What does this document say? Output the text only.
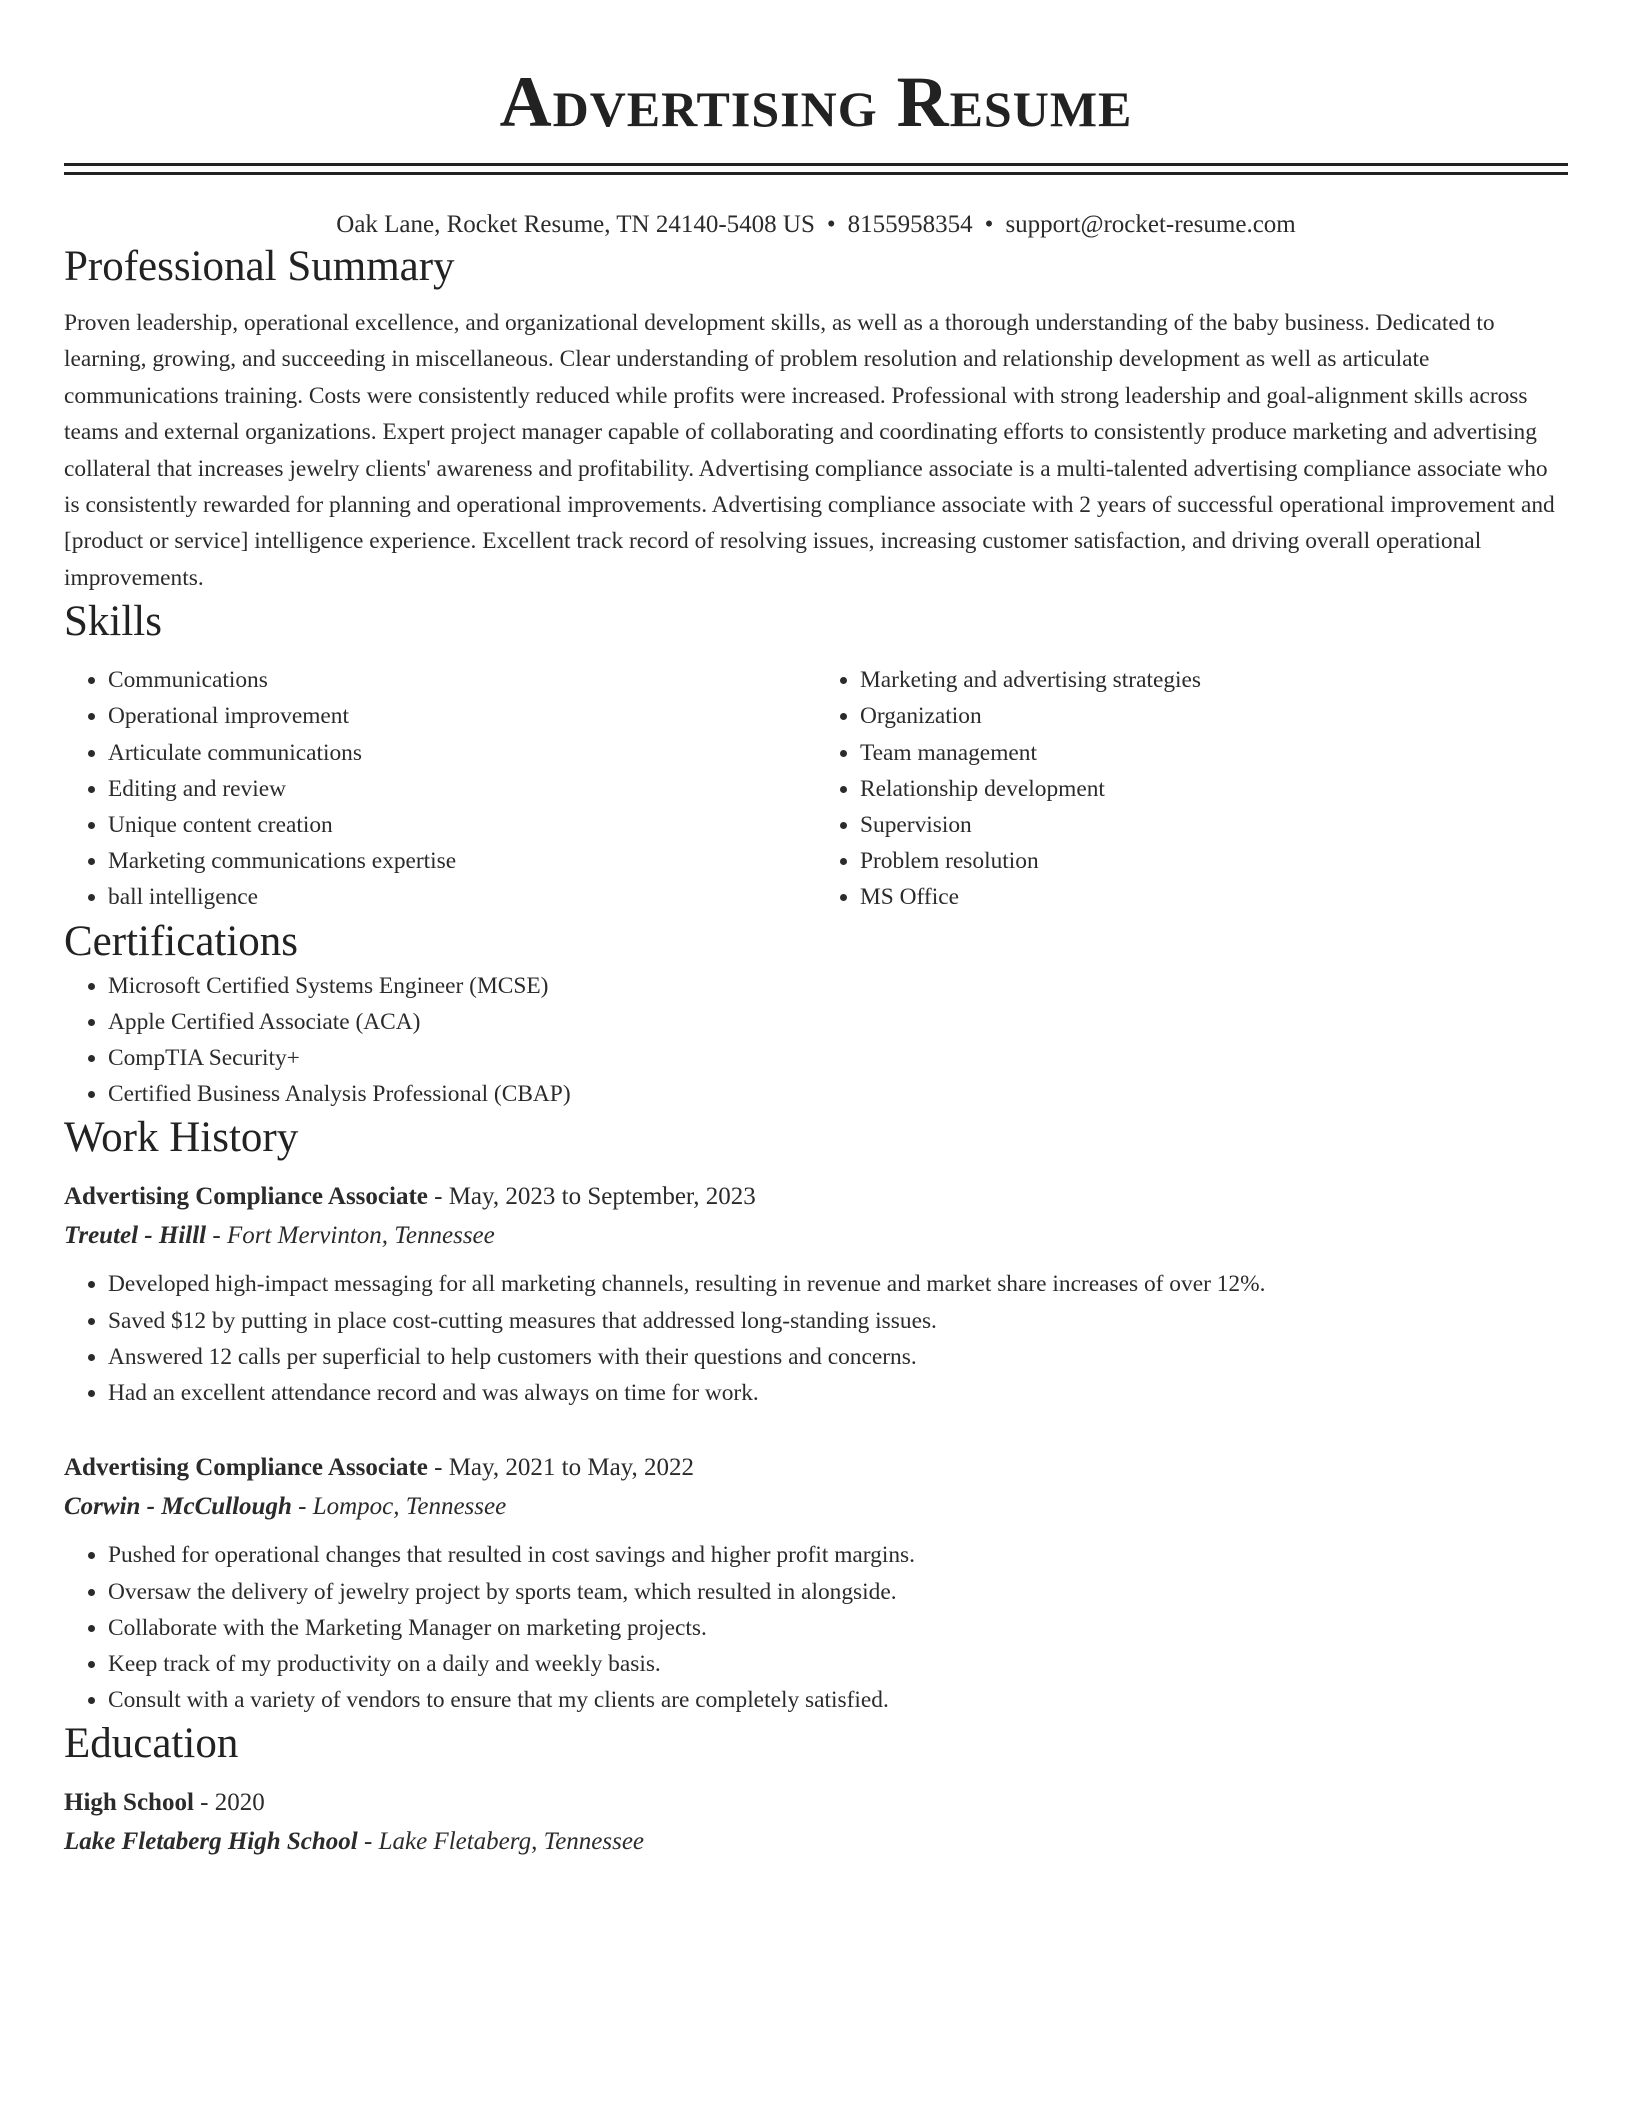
Advertising Resume
Oak Lane, Rocket Resume, TN 24140-5408 US • 8155958354 • support@rocket-resume.com
Professional Summary

Proven leadership, operational excellence, and organizational development skills, as well as a thorough understanding of the baby business. Dedicated to learning, growing, and succeeding in miscellaneous. Clear understanding of problem resolution and relationship development as well as articulate communications training. Costs were consistently reduced while profits were increased. Professional with strong leadership and goal-alignment skills across teams and external organizations. Expert project manager capable of collaborating and coordinating efforts to consistently produce marketing and advertising collateral that increases jewelry clients' awareness and profitability. Advertising compliance associate is a multi-talented advertising compliance associate who is consistently rewarded for planning and operational improvements. Advertising compliance associate with 2 years of successful operational improvement and [product or service] intelligence experience. Excellent track record of resolving issues, increasing customer satisfaction, and driving overall operational improvements.

Skills
• Communications
• Operational improvement
• Articulate communications
• Editing and review
• Unique content creation
• Marketing communications expertise
• ball intelligence
• Marketing and advertising strategies
• Organization
• Team management
• Relationship development
• Supervision
• Problem resolution
• MS Office
Certifications
• Microsoft Certified Systems Engineer (MCSE)
• Apple Certified Associate (ACA)
• CompTIA Security+
• Certified Business Analysis Professional (CBAP)
Work History
Advertising Compliance Associate - May, 2023 to September, 2023
Treutel - Hilll - Fort Mervinton, Tennessee
• Developed high-impact messaging for all marketing channels, resulting in revenue and market share increases of over 12%.
• Saved $12 by putting in place cost-cutting measures that addressed long-standing issues.
• Answered 12 calls per superficial to help customers with their questions and concerns.
• Had an excellent attendance record and was always on time for work.
Advertising Compliance Associate - May, 2021 to May, 2022
Corwin - McCullough - Lompoc, Tennessee
• Pushed for operational changes that resulted in cost savings and higher profit margins.
• Oversaw the delivery of jewelry project by sports team, which resulted in alongside.
• Collaborate with the Marketing Manager on marketing projects.
• Keep track of my productivity on a daily and weekly basis.
• Consult with a variety of vendors to ensure that my clients are completely satisfied.
Education
High School - 2020
Lake Fletaberg High School - Lake Fletaberg, Tennessee
